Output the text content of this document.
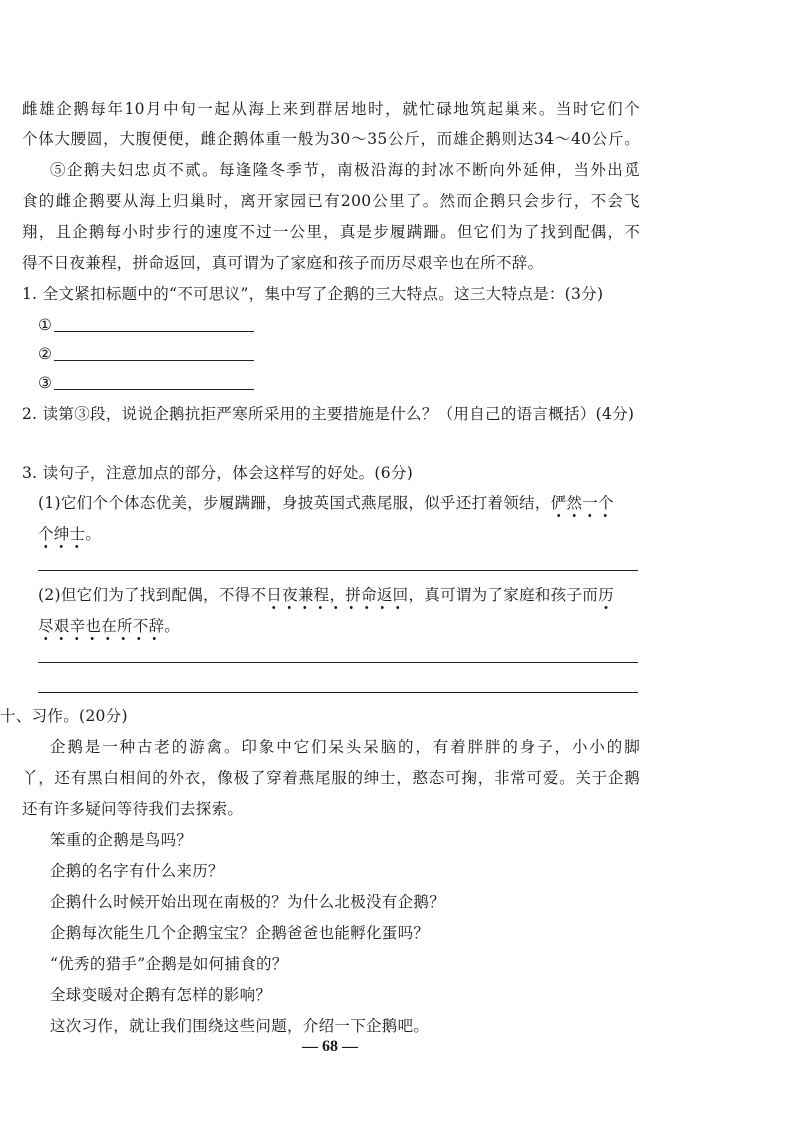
雌雄企鹅每年10月中旬一起从海上来到群居地时，就忙碌地筑起巢来。当时它们个
个体大腰圆，大腹便便，雌企鹅体重一般为30～35公斤，而雄企鹅则达34～40公斤。
⑤企鹅夫妇忠贞不贰。每逢隆冬季节，南极沿海的封冰不断向外延伸，当外出觅
食的雌企鹅要从海上归巢时，离开家园已有200公里了。然而企鹅只会步行，不会飞
翔，且企鹅每小时步行的速度不过一公里，真是步履蹒跚。但它们为了找到配偶，不
得不日夜兼程，拼命返回，真可谓为了家庭和孩子而历尽艰辛也在所不辞。
1. 全文紧扣标题中的“不可思议”，集中写了企鹅的三大特点。这三大特点是：(3分)
①
②
③
2. 读第③段，说说企鹅抗拒严寒所采用的主要措施是什么？（用自己的语言概括）(4分)
3. 读句子，注意加点的部分，体会这样写的好处。(6分)
(1)它们个个体态优美，步履蹒跚，身披英国式燕尾服，似乎还打着领结，俨然一个
个绅士。
(2)但它们为了找到配偶，不得不日夜兼程，拼命返回，真可谓为了家庭和孩子而历
尽艰辛也在所不辞。
十、习作。(20分)
企鹅是一种古老的游禽。印象中它们呆头呆脑的，有着胖胖的身子，小小的脚
丫，还有黑白相间的外衣，像极了穿着燕尾服的绅士，憨态可掬，非常可爱。关于企鹅
还有许多疑问等待我们去探索。
笨重的企鹅是鸟吗？
企鹅的名字有什么来历？
企鹅什么时候开始出现在南极的？为什么北极没有企鹅？
企鹅每次能生几个企鹅宝宝？企鹅爸爸也能孵化蛋吗？
“优秀的猎手”企鹅是如何捕食的？
全球变暖对企鹅有怎样的影响？
这次习作，就让我们围绕这些问题，介绍一下企鹅吧。
— 68 —
